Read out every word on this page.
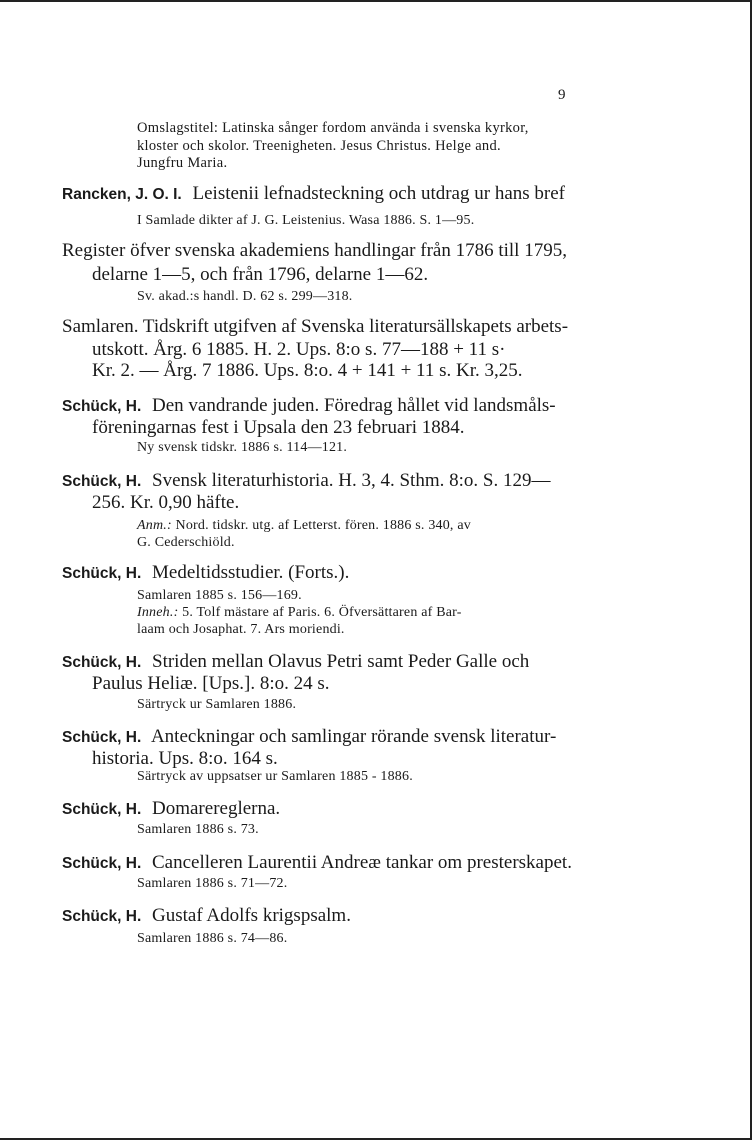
9
Omslagstitel: Latinska sånger fordom använda i svenska kyrkor,
kloster och skolor. Treenigheten. Jesus Christus. Helge and.
Jungfru Maria.
Rancken, J. O. I. Leistenii lefnadsteckning och utdrag ur hans bref
I Samlade dikter af J. G. Leistenius. Wasa 1886. S. 1—95.
Register öfver svenska akademiens handlingar från 1786 till 1795,
delarne 1—5, och från 1796, delarne 1—62.
Sv. akad.:s handl. D. 62 s. 299—318.
Samlaren. Tidskrift utgifven af Svenska literatursällskapets arbets-
utskott. Årg. 6 1885. H. 2. Ups. 8:o s. 77—188 + 11 s·
Kr. 2. — Årg. 7 1886. Ups. 8:o. 4 + 141 + 11 s. Kr. 3,25.
Schück, H. Den vandrande juden. Föredrag hållet vid landsmåls-
föreningarnas fest i Upsala den 23 februari 1884.
Ny svensk tidskr. 1886 s. 114—121.
Schück, H. Svensk literaturhistoria. H. 3, 4. Sthm. 8:o. S. 129—
256. Kr. 0,90 häfte.
Anm.: Nord. tidskr. utg. af Letterst. fören. 1886 s. 340, av
G. Cederschiöld.
Schück, H. Medeltidsstudier. (Forts.).
Samlaren 1885 s. 156—169.
Inneh.: 5. Tolf mästare af Paris. 6. Öfversättaren af Bar-
laam och Josaphat. 7. Ars moriendi.
Schück, H. Striden mellan Olavus Petri samt Peder Galle och
Paulus Heliæ. [Ups.]. 8:o. 24 s.
Särtryck ur Samlaren 1886.
Schück, H. Anteckningar och samlingar rörande svensk literatur-
historia. Ups. 8:o. 164 s.
Särtryck av uppsatser ur Samlaren 1885 - 1886.
Schück, H. Domarereglerna.
Samlaren 1886 s. 73.
Schück, H. Cancelleren Laurentii Andreæ tankar om presterskapet.
Samlaren 1886 s. 71—72.
Schück, H. Gustaf Adolfs krigspsalm.
Samlaren 1886 s. 74—86.
